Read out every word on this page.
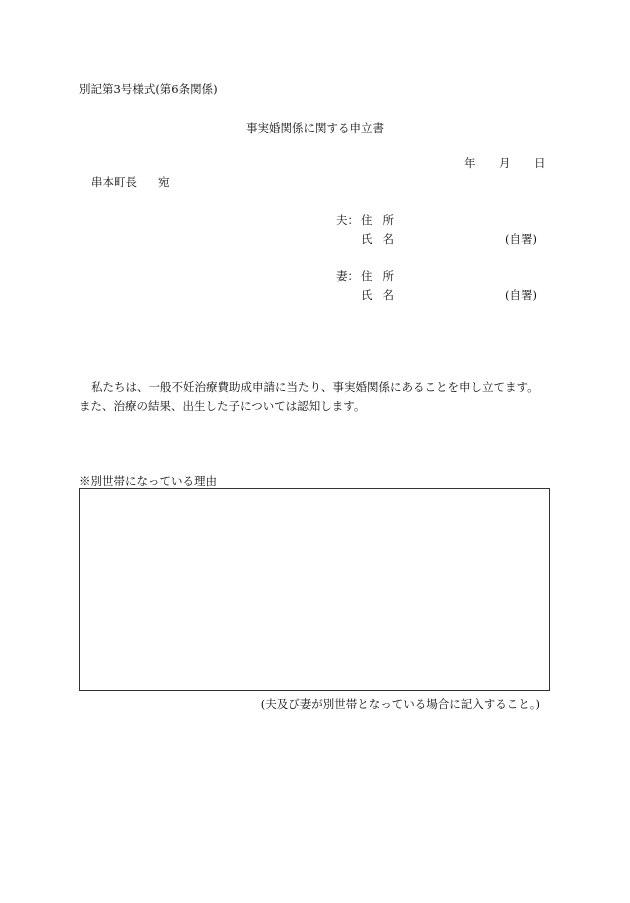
別記第3号様式(第6条関係)
事実婚関係に関する申立書
年 月 日
串本町長 宛
夫： 住所
氏名	(自署)
妻： 住所
氏名	(自署)
私たちは、一般不妊治療費助成申請に当たり、事実婚関係にあることを申し立てます。
また、治療の結果、出生した子については認知します。
※別世帯になっている理由
(夫及び妻が別世帯となっている場合に記入すること。)
